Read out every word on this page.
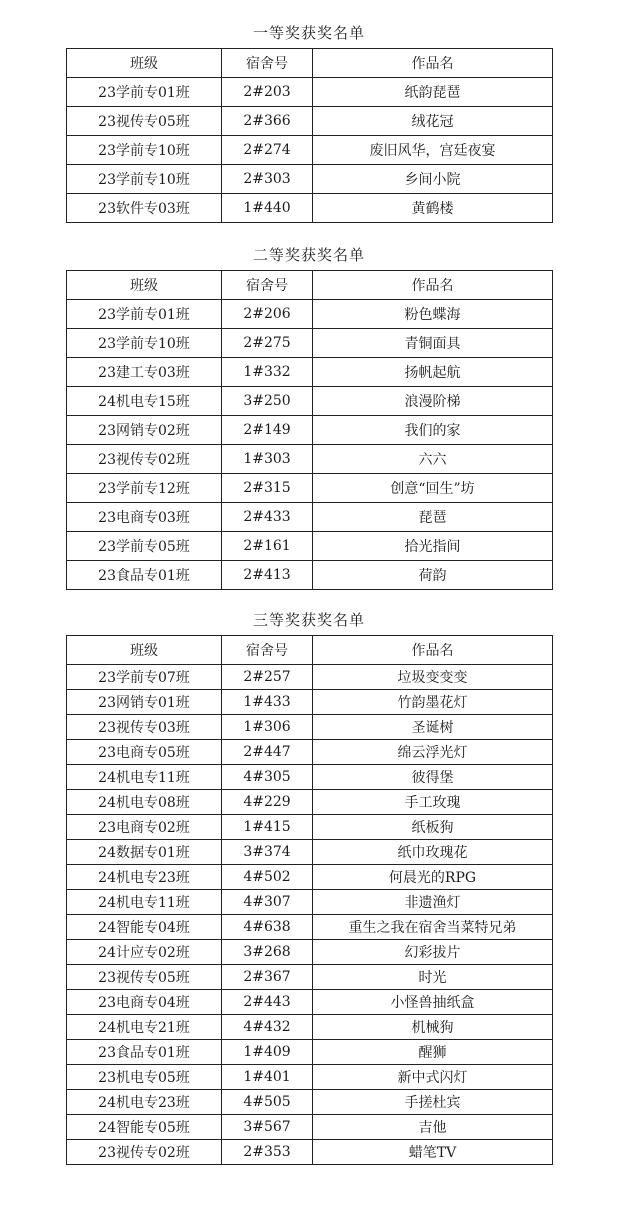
一等奖获奖名单
班级	宿舍号	作品名
23学前专01班	2#203	纸韵琵琶
23视传专05班	2#366	绒花冠
23学前专10班	2#274	废旧风华，宫廷夜宴
23学前专10班	2#303	乡间小院
23软件专03班	1#440	黄鹤楼
二等奖获奖名单
班级	宿舍号	作品名
23学前专01班	2#206	粉色蝶海
23学前专10班	2#275	青铜面具
23建工专03班	1#332	扬帆起航
24机电专15班	3#250	浪漫阶梯
23网销专02班	2#149	我们的家
23视传专02班	1#303	六六
23学前专12班	2#315	创意“回生”坊
23电商专03班	2#433	琵琶
23学前专05班	2#161	拾光指间
23食品专01班	2#413	荷韵
三等奖获奖名单
班级	宿舍号	作品名
23学前专07班	2#257	垃圾变变变
23网销专01班	1#433	竹韵墨花灯
23视传专03班	1#306	圣诞树
23电商专05班	2#447	绵云浮光灯
24机电专11班	4#305	彼得堡
24机电专08班	4#229	手工玫瑰
23电商专02班	1#415	纸板狗
24数据专01班	3#374	纸巾玫瑰花
24机电专23班	4#502	何晨光的RPG
24机电专11班	4#307	非遗渔灯
24智能专04班	4#638	重生之我在宿舍当菜特兄弟
24计应专02班	3#268	幻彩拔片
23视传专05班	2#367	时光
23电商专04班	2#443	小怪兽抽纸盒
24机电专21班	4#432	机械狗
23食品专01班	1#409	醒狮
23机电专05班	1#401	新中式闪灯
24机电专23班	4#505	手搓杜宾
24智能专05班	3#567	吉他
23视传专02班	2#353	蜡笔TV
